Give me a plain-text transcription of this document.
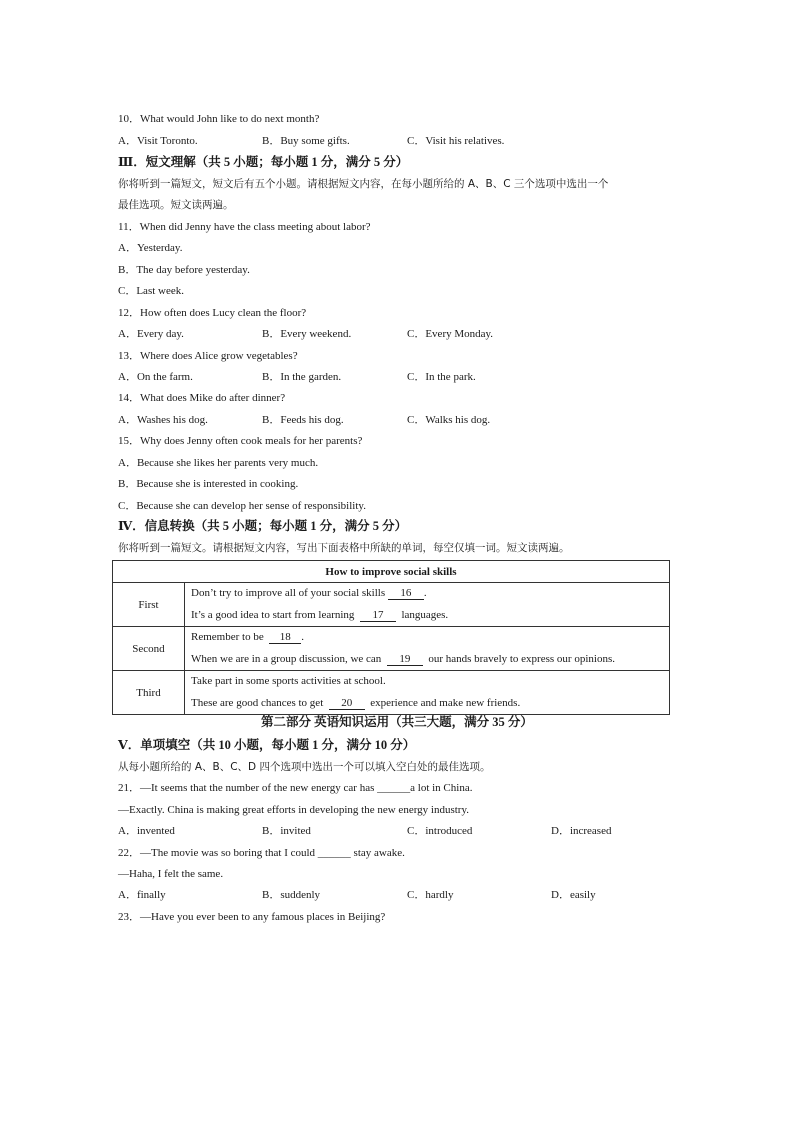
10．What would John like to do next month?
A．Visit Toronto.	B．Buy some gifts.	C．Visit his relatives.
Ⅲ．短文理解（共 5 小题；每小题 1 分，满分 5 分）
你将听到一篇短文，短文后有五个小题。请根据短文内容，在每小题所给的 A、B、C 三个选项中选出一个
最佳选项。短文读两遍。
11．When did Jenny have the class meeting about labor?
A．Yesterday.
B．The day before yesterday.
C．Last week.
12．How often does Lucy clean the floor?
A．Every day.	B．Every weekend.	C．Every Monday.
13．Where does Alice grow vegetables?
A．On the farm.	B．In the garden.	C．In the park.
14．What does Mike do after dinner?
A．Washes his dog.	B．Feeds his dog.	C．Walks his dog.
15．Why does Jenny often cook meals for her parents?
A．Because she likes her parents very much.
B．Because she is interested in cooking.
C．Because she can develop her sense of responsibility.
Ⅳ．信息转换（共 5 小题；每小题 1 分，满分 5 分）
你将听到一篇短文。请根据短文内容，写出下面表格中所缺的单词，每空仅填一词。短文读两遍。
How to improve social skills	
First	Don’t try to improve all of your social skills 16 .
It’s a good idea to start from learning 17 languages.

Second	Remember to be 18 .
When we are in a group discussion, we can 19 our hands bravely to express our opinions.

Third	Take part in some sports activities at school.
These are good chances to get 20 experience and make new friends.
第二部分 英语知识运用（共三大题，满分 35 分）
Ⅴ．单项填空（共 10 小题，每小题 1 分，满分 10 分）
从每小题所给的 A、B、C、D 四个选项中选出一个可以填入空白处的最佳选项。
21．—It seems that the number of the new energy car has ______a lot in China.
—Exactly. China is making great efforts in developing the new energy industry.
A．invented	B．invited	C．introduced	D．increased
22．—The movie was so boring that I could ______ stay awake.
—Haha, I felt the same.
A．finally	B．suddenly	C．hardly	D．easily
23．—Have you ever been to any famous places in Beijing?
